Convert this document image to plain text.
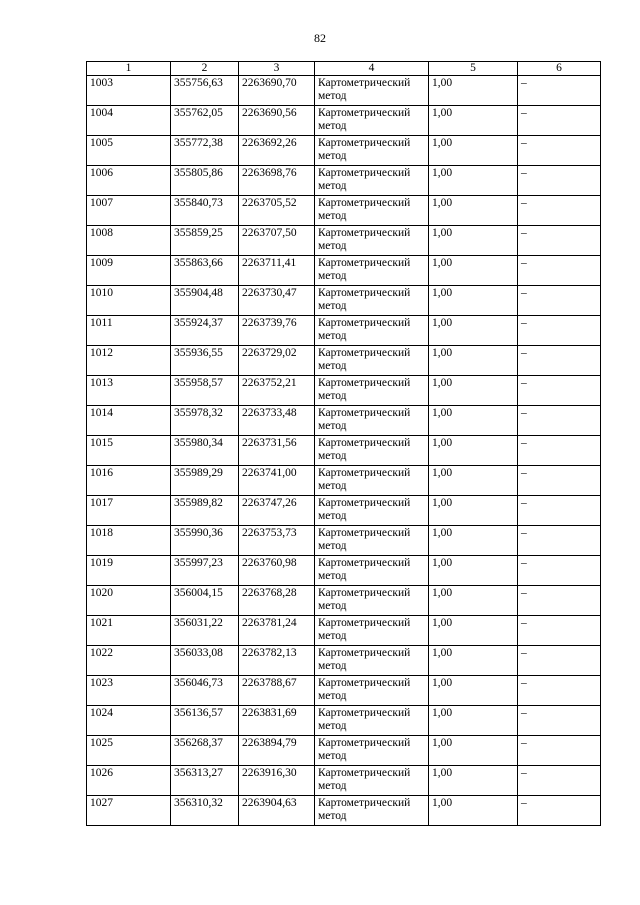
82
1	2	3	4	5	6
1003	355756,63	2263690,70	Картометрический метод	1,00	–
1004	355762,05	2263690,56	Картометрический метод	1,00	–
1005	355772,38	2263692,26	Картометрический метод	1,00	–
1006	355805,86	2263698,76	Картометрический метод	1,00	–
1007	355840,73	2263705,52	Картометрический метод	1,00	–
1008	355859,25	2263707,50	Картометрический метод	1,00	–
1009	355863,66	2263711,41	Картометрический метод	1,00	–
1010	355904,48	2263730,47	Картометрический метод	1,00	–
1011	355924,37	2263739,76	Картометрический метод	1,00	–
1012	355936,55	2263729,02	Картометрический метод	1,00	–
1013	355958,57	2263752,21	Картометрический метод	1,00	–
1014	355978,32	2263733,48	Картометрический метод	1,00	–
1015	355980,34	2263731,56	Картометрический метод	1,00	–
1016	355989,29	2263741,00	Картометрический метод	1,00	–
1017	355989,82	2263747,26	Картометрический метод	1,00	–
1018	355990,36	2263753,73	Картометрический метод	1,00	–
1019	355997,23	2263760,98	Картометрический метод	1,00	–
1020	356004,15	2263768,28	Картометрический метод	1,00	–
1021	356031,22	2263781,24	Картометрический метод	1,00	–
1022	356033,08	2263782,13	Картометрический метод	1,00	–
1023	356046,73	2263788,67	Картометрический метод	1,00	–
1024	356136,57	2263831,69	Картометрический метод	1,00	–
1025	356268,37	2263894,79	Картометрический метод	1,00	–
1026	356313,27	2263916,30	Картометрический метод	1,00	–
1027	356310,32	2263904,63	Картометрический метод	1,00	–
